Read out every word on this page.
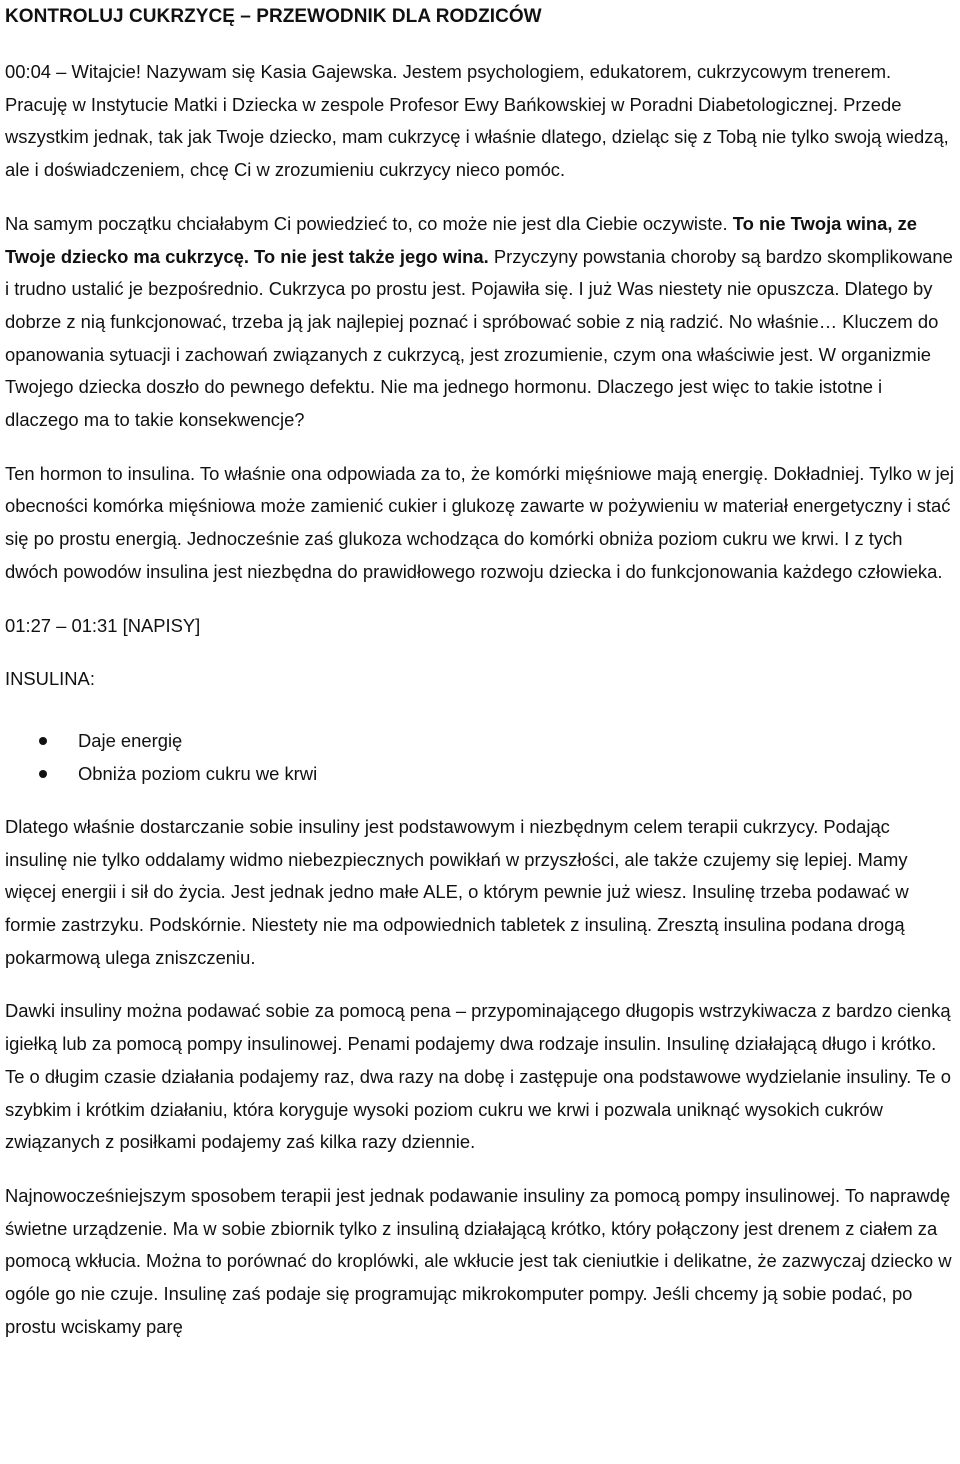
KONTROLUJ CUKRZYCĘ – PRZEWODNIK DLA RODZICÓW

00:04 – Witajcie! Nazywam się Kasia Gajewska. Jestem psychologiem, edukatorem, cukrzycowym trenerem. Pracuję w Instytucie Matki i Dziecka w zespole Profesor Ewy Bańkowskiej w Poradni Diabetologicznej. Przede wszystkim jednak, tak jak Twoje dziecko, mam cukrzycę i właśnie dlatego, dzieląc się z Tobą nie tylko swoją wiedzą, ale i doświadczeniem, chcę Ci w zrozumieniu cukrzycy nieco pomóc.

Na samym początku chciałabym Ci powiedzieć to, co może nie jest dla Ciebie oczywiste. To nie Twoja wina, ze Twoje dziecko ma cukrzycę. To nie jest także jego wina. Przyczyny powstania choroby są bardzo skomplikowane i trudno ustalić je bezpośrednio. Cukrzyca po prostu jest. Pojawiła się. I już Was niestety nie opuszcza. Dlatego by dobrze z nią funkcjonować, trzeba ją jak najlepiej poznać i spróbować sobie z nią radzić. No właśnie… Kluczem do opanowania sytuacji i zachowań związanych z cukrzycą, jest zrozumienie, czym ona właściwie jest. W organizmie Twojego dziecka doszło do pewnego defektu. Nie ma jednego hormonu. Dlaczego jest więc to takie istotne i dlaczego ma to takie konsekwencje?

Ten hormon to insulina. To właśnie ona odpowiada za to, że komórki mięśniowe mają energię. Dokładniej. Tylko w jej obecności komórka mięśniowa może zamienić cukier i glukozę zawarte w pożywieniu w materiał energetyczny i stać się po prostu energią. Jednocześnie zaś glukoza wchodząca do komórki obniża poziom cukru we krwi. I z tych dwóch powodów insulina jest niezbędna do prawidłowego rozwoju dziecka i do funkcjonowania każdego człowieka.

01:27 – 01:31 [NAPISY]

INSULINA:

Daje energię
Obniża poziom cukru we krwi

Dlatego właśnie dostarczanie sobie insuliny jest podstawowym i niezbędnym celem terapii cukrzycy. Podając insulinę nie tylko oddalamy widmo niebezpiecznych powikłań w przyszłości, ale także czujemy się lepiej. Mamy więcej energii i sił do życia. Jest jednak jedno małe ALE, o którym pewnie już wiesz. Insulinę trzeba podawać w formie zastrzyku. Podskórnie. Niestety nie ma odpowiednich tabletek z insuliną. Zresztą insulina podana drogą pokarmową ulega zniszczeniu.

Dawki insuliny można podawać sobie za pomocą pena – przypominającego długopis wstrzykiwacza z bardzo cienką igiełką lub za pomocą pompy insulinowej. Penami podajemy dwa rodzaje insulin. Insulinę działającą długo i krótko. Te o długim czasie działania podajemy raz, dwa razy na dobę i zastępuje ona podstawowe wydzielanie insuliny. Te o szybkim i krótkim działaniu, która koryguje wysoki poziom cukru we krwi i pozwala uniknąć wysokich cukrów związanych z posiłkami podajemy zaś kilka razy dziennie.

Najnowocześniejszym sposobem terapii jest jednak podawanie insuliny za pomocą pompy insulinowej. To naprawdę świetne urządzenie. Ma w sobie zbiornik tylko z insuliną działającą krótko, który połączony jest drenem z ciałem za pomocą wkłucia. Można to porównać do kroplówki, ale wkłucie jest tak cieniutkie i delikatne, że zazwyczaj dziecko w ogóle go nie czuje. Insulinę zaś podaje się programując mikrokomputer pompy. Jeśli chcemy ją sobie podać, po prostu wciskamy parę
